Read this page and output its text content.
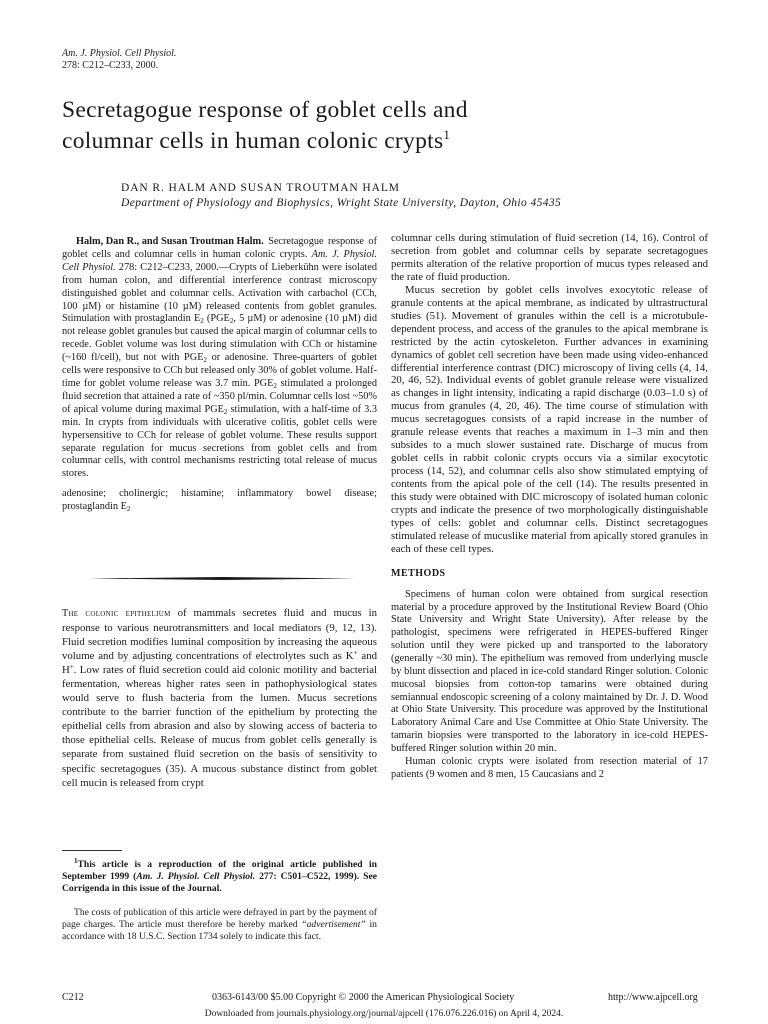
Am. J. Physiol. Cell Physiol.
278: C212–C233, 2000.
Secretagogue response of goblet cells and
columnar cells in human colonic crypts$^1$
DAN R. HALM AND SUSAN TROUTMAN HALM
Department of Physiology and Biophysics, Wright State University, Dayton, Ohio 45435

Halm, Dan R., and Susan Troutman Halm. Secretagogue response of goblet cells and columnar cells in human colonic crypts. Am. J. Physiol. Cell Physiol. 278: C212–C233, 2000.—Crypts of Lieberkühn were isolated from human colon, and differential interference contrast microscopy distinguished goblet and columnar cells. Activation with carbachol (CCh, 100 µM) or histamine (10 µM) released contents from goblet granules. Stimulation with prostaglandin $E_2$ ($PGE_2$, 5 µM) or adenosine (10 µM) did not release goblet granules but caused the apical margin of columnar cells to recede. Goblet volume was lost during stimulation with CCh or histamine (~160 fl/cell), but not with $PGE_2$ or adenosine. Three-quarters of goblet cells were responsive to CCh but released only 30% of goblet volume. Half-time for goblet volume release was 3.7 min. $PGE_2$ stimulated a prolonged fluid secretion that attained a rate of ~350 pl/min. Columnar cells lost ~50% of apical volume during maximal $PGE_2$ stimulation, with a half-time of 3.3 min. In crypts from individuals with ulcerative colitis, goblet cells were hypersensitive to CCh for release of goblet volume. These results support separate regulation for mucus secretions from goblet cells and from columnar cells, with control mechanisms restricting total release of mucus stores.

adenosine; cholinergic; histamine; inflammatory bowel disease; prostaglandin $E_2$

The colonic epithelium of mammals secretes fluid and mucus in response to various neurotransmitters and local mediators (9, 12, 13). Fluid secretion modifies luminal composition by increasing the aqueous volume and by adjusting concentrations of electrolytes such as K+ and H+. Low rates of fluid secretion could aid colonic motility and bacterial fermentation, whereas higher rates seen in pathophysiological states would serve to flush bacteria from the lumen. Mucus secretions contribute to the barrier function of the epithelium by protecting the epithelial cells from abrasion and also by slowing access of bacteria to those epithelial cells. Release of mucus from goblet cells generally is separate from sustained fluid secretion on the basis of sensitivity to specific secretagogues (35). A mucous substance distinct from goblet cell mucin is released from crypt

columnar cells during stimulation of fluid secretion (14, 16). Control of secretion from goblet and columnar cells by separate secretagogues permits alteration of the relative proportion of mucus types released and the rate of fluid production.

Mucus secretion by goblet cells involves exocytotic release of granule contents at the apical membrane, as indicated by ultrastructural studies (51). Movement of granules within the cell is a microtubule-dependent process, and access of the granules to the apical membrane is restricted by the actin cytoskeleton. Further advances in examining dynamics of goblet cell secretion have been made using video-enhanced differential interference contrast (DIC) microscopy of living cells (4, 14, 20, 46, 52). Individual events of goblet granule release were visualized as changes in light intensity, indicating a rapid discharge (0.03–1.0 s) of mucus from granules (4, 20, 46). The time course of stimulation with mucus secretagogues consists of a rapid increase in the number of granule release events that reaches a maximum in 1–3 min and then subsides to a much slower sustained rate. Discharge of mucus from goblet cells in rabbit colonic crypts occurs via a similar exocytotic process (14, 52), and columnar cells also show stimulated emptying of contents from the apical pole of the cell (14). The results presented in this study were obtained with DIC microscopy of isolated human colonic crypts and indicate the presence of two morphologically distinguishable types of cells: goblet and columnar cells. Distinct secretagogues stimulated release of mucuslike material from apically stored granules in each of these cell types.

METHODS

Specimens of human colon were obtained from surgical resection material by a procedure approved by the Institutional Review Board (Ohio State University and Wright State University). After release by the pathologist, specimens were refrigerated in HEPES-buffered Ringer solution until they were picked up and transported to the laboratory (generally ~30 min). The epithelium was removed from underlying muscle by blunt dissection and placed in ice-cold standard Ringer solution. Colonic mucosal biopsies from cotton-top tamarins were obtained during semiannual endoscopic screening of a colony maintained by Dr. J. D. Wood at Ohio State University. This procedure was approved by the Institutional Laboratory Animal Care and Use Committee at Ohio State University. The tamarin biopsies were transported to the laboratory in ice-cold HEPES-buffered Ringer solution within 20 min.

Human colonic crypts were isolated from resection material of 17 patients (9 women and 8 men, 15 Caucasians and 2

$^1$This article is a reproduction of the original article published in September 1999 (Am. J. Physiol. Cell Physiol. 277: C501–C522, 1999). See Corrigenda in this issue of the Journal.

The costs of publication of this article were defrayed in part by the payment of page charges. The article must therefore be hereby marked “advertisement” in accordance with 18 U.S.C. Section 1734 solely to indicate this fact.

C212	0363-6143/00 $5.00 Copyright © 2000 the American Physiological Society	http://www.ajpcell.org
Downloaded from journals.physiology.org/journal/ajpcell (176.076.226.016) on April 4, 2024.
